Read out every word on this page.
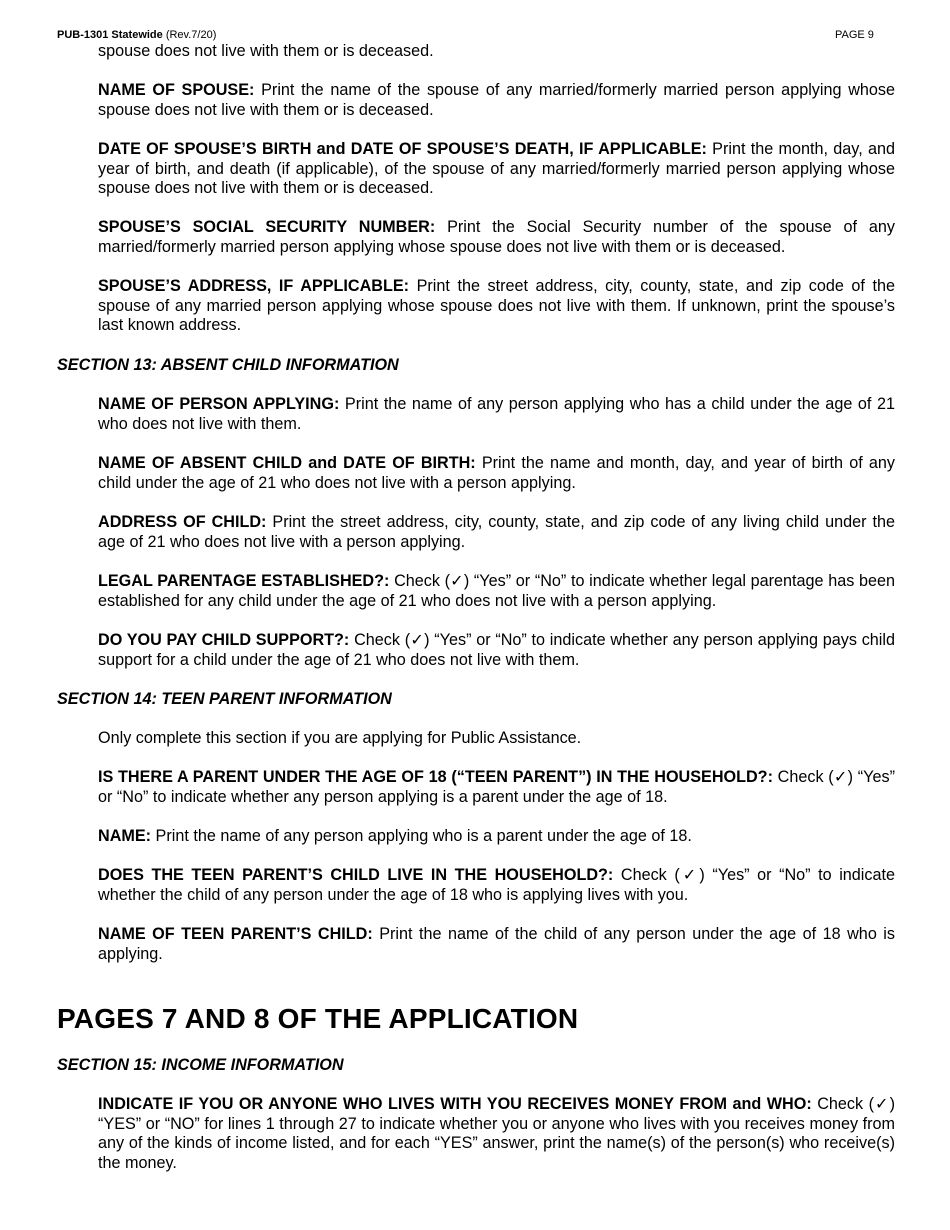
PUB-1301 Statewide (Rev.7/20)	PAGE 9
spouse does not live with them or is deceased.
NAME OF SPOUSE: Print the name of the spouse of any married/formerly married person applying whose spouse does not live with them or is deceased.
DATE OF SPOUSE’S BIRTH and DATE OF SPOUSE’S DEATH, IF APPLICABLE: Print the month, day, and year of birth, and death (if applicable), of the spouse of any married/formerly married person applying whose spouse does not live with them or is deceased.
SPOUSE’S SOCIAL SECURITY NUMBER: Print the Social Security number of the spouse of any married/formerly married person applying whose spouse does not live with them or is deceased.
SPOUSE’S ADDRESS, IF APPLICABLE: Print the street address, city, county, state, and zip code of the spouse of any married person applying whose spouse does not live with them. If unknown, print the spouse’s last known address.
SECTION 13: ABSENT CHILD INFORMATION
NAME OF PERSON APPLYING: Print the name of any person applying who has a child under the age of 21 who does not live with them.
NAME OF ABSENT CHILD and DATE OF BIRTH: Print the name and month, day, and year of birth of any child under the age of 21 who does not live with a person applying.
ADDRESS OF CHILD: Print the street address, city, county, state, and zip code of any living child under the age of 21 who does not live with a person applying.
LEGAL PARENTAGE ESTABLISHED?: Check (✓) “Yes” or “No” to indicate whether legal parentage has been established for any child under the age of 21 who does not live with a person applying.
DO YOU PAY CHILD SUPPORT?: Check (✓) “Yes” or “No” to indicate whether any person applying pays child support for a child under the age of 21 who does not live with them.
SECTION 14: TEEN PARENT INFORMATION
Only complete this section if you are applying for Public Assistance.
IS THERE A PARENT UNDER THE AGE OF 18 (“TEEN PARENT”) IN THE HOUSEHOLD?: Check (✓) “Yes” or “No” to indicate whether any person applying is a parent under the age of 18.
NAME: Print the name of any person applying who is a parent under the age of 18.
DOES THE TEEN PARENT’S CHILD LIVE IN THE HOUSEHOLD?: Check (✓) “Yes” or “No” to indicate whether the child of any person under the age of 18 who is applying lives with you.
NAME OF TEEN PARENT’S CHILD: Print the name of the child of any person under the age of 18 who is applying.
PAGES 7 AND 8 OF THE APPLICATION
SECTION 15: INCOME INFORMATION
INDICATE IF YOU OR ANYONE WHO LIVES WITH YOU RECEIVES MONEY FROM and WHO: Check (✓) “YES” or “NO” for lines 1 through 27 to indicate whether you or anyone who lives with you receives money from any of the kinds of income listed, and for each “YES” answer, print the name(s) of the person(s) who receive(s) the money.
